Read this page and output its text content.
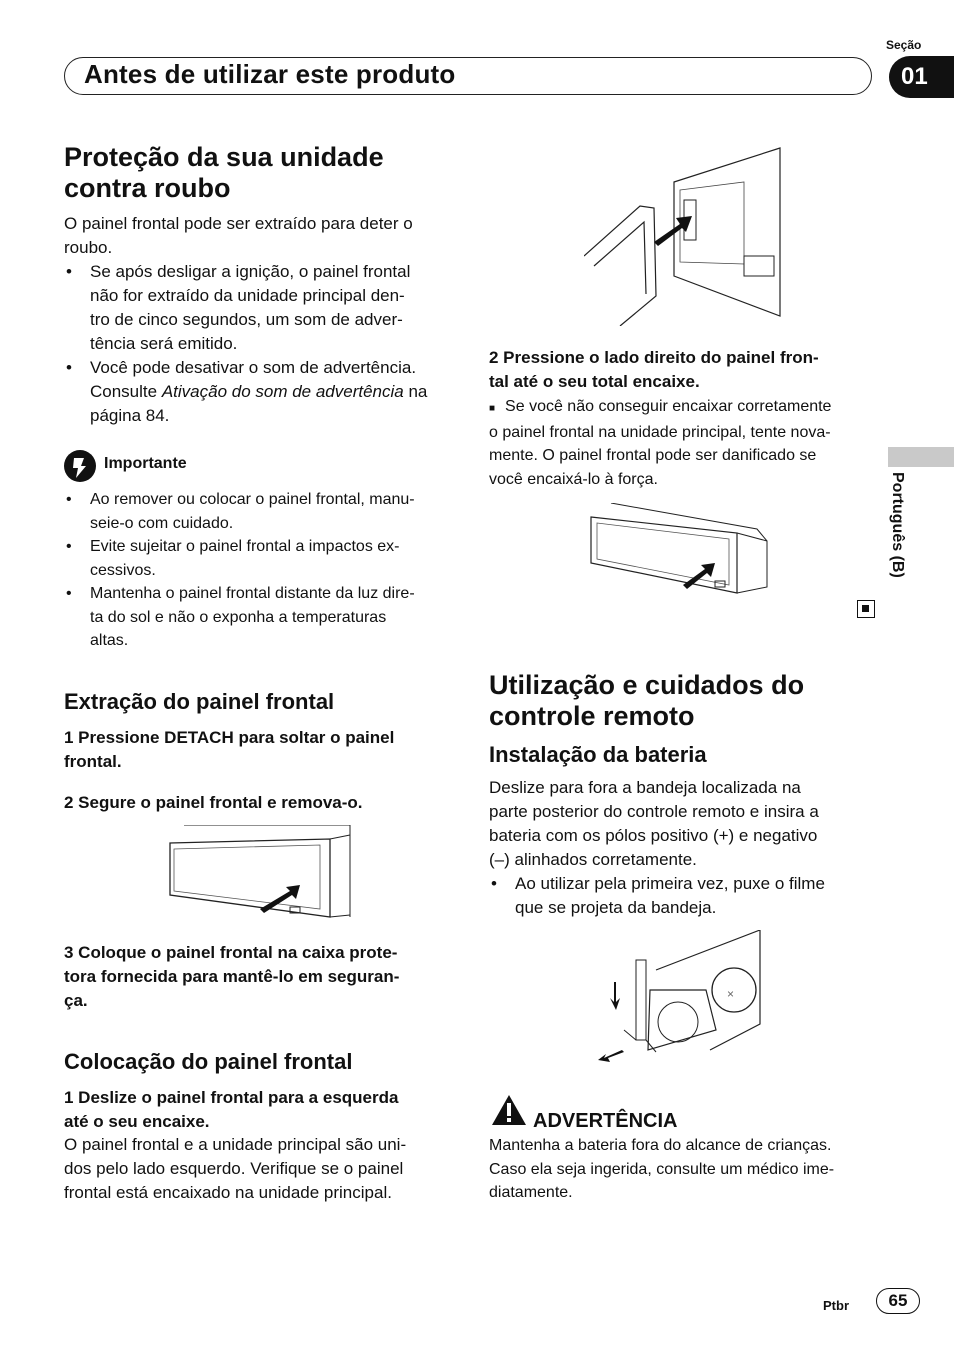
Seção
Antes de utilizar este produto	01
Português (B)
Proteção da sua unidade
contra roubo
O painel frontal pode ser extraído para deter o
roubo.
• Se após desligar a ignição, o painel frontal
não for extraído da unidade principal den-
tro de cinco segundos, um som de adver-
tência será emitido.
• Você pode desativar o som de advertência.
Consulte Ativação do som de advertência na
página 84.
Importante
• Ao remover ou colocar o painel frontal, manu-
seie-o com cuidado.
• Evite sujeitar o painel frontal a impactos ex-
cessivos.
• Mantenha o painel frontal distante da luz dire-
ta do sol e não o exponha a temperaturas
altas.
Extração do painel frontal
1 Pressione DETACH para soltar o painel
frontal.
2 Segure o painel frontal e remova-o.
3 Coloque o painel frontal na caixa prote-
tora fornecida para mantê-lo em seguran-
ça.
Colocação do painel frontal
1 Deslize o painel frontal para a esquerda
até o seu encaixe.
O painel frontal e a unidade principal são uni-
dos pelo lado esquerdo. Verifique se o painel
frontal está encaixado na unidade principal.
2 Pressione o lado direito do painel fron-
tal até o seu total encaixe.
■ Se você não conseguir encaixar corretamente
o painel frontal na unidade principal, tente nova-
mente. O painel frontal pode ser danificado se
você encaixá-lo à força.
Utilização e cuidados do
controle remoto
Instalação da bateria
Deslize para fora a bandeja localizada na
parte posterior do controle remoto e insira a
bateria com os pólos positivo (+) e negativo
(–) alinhados corretamente.
• Ao utilizar pela primeira vez, puxe o filme
que se projeta da bandeja.
×
ADVERTÊNCIA
Mantenha a bateria fora do alcance de crianças.
Caso ela seja ingerida, consulte um médico ime-
diatamente.
Ptbr	65
